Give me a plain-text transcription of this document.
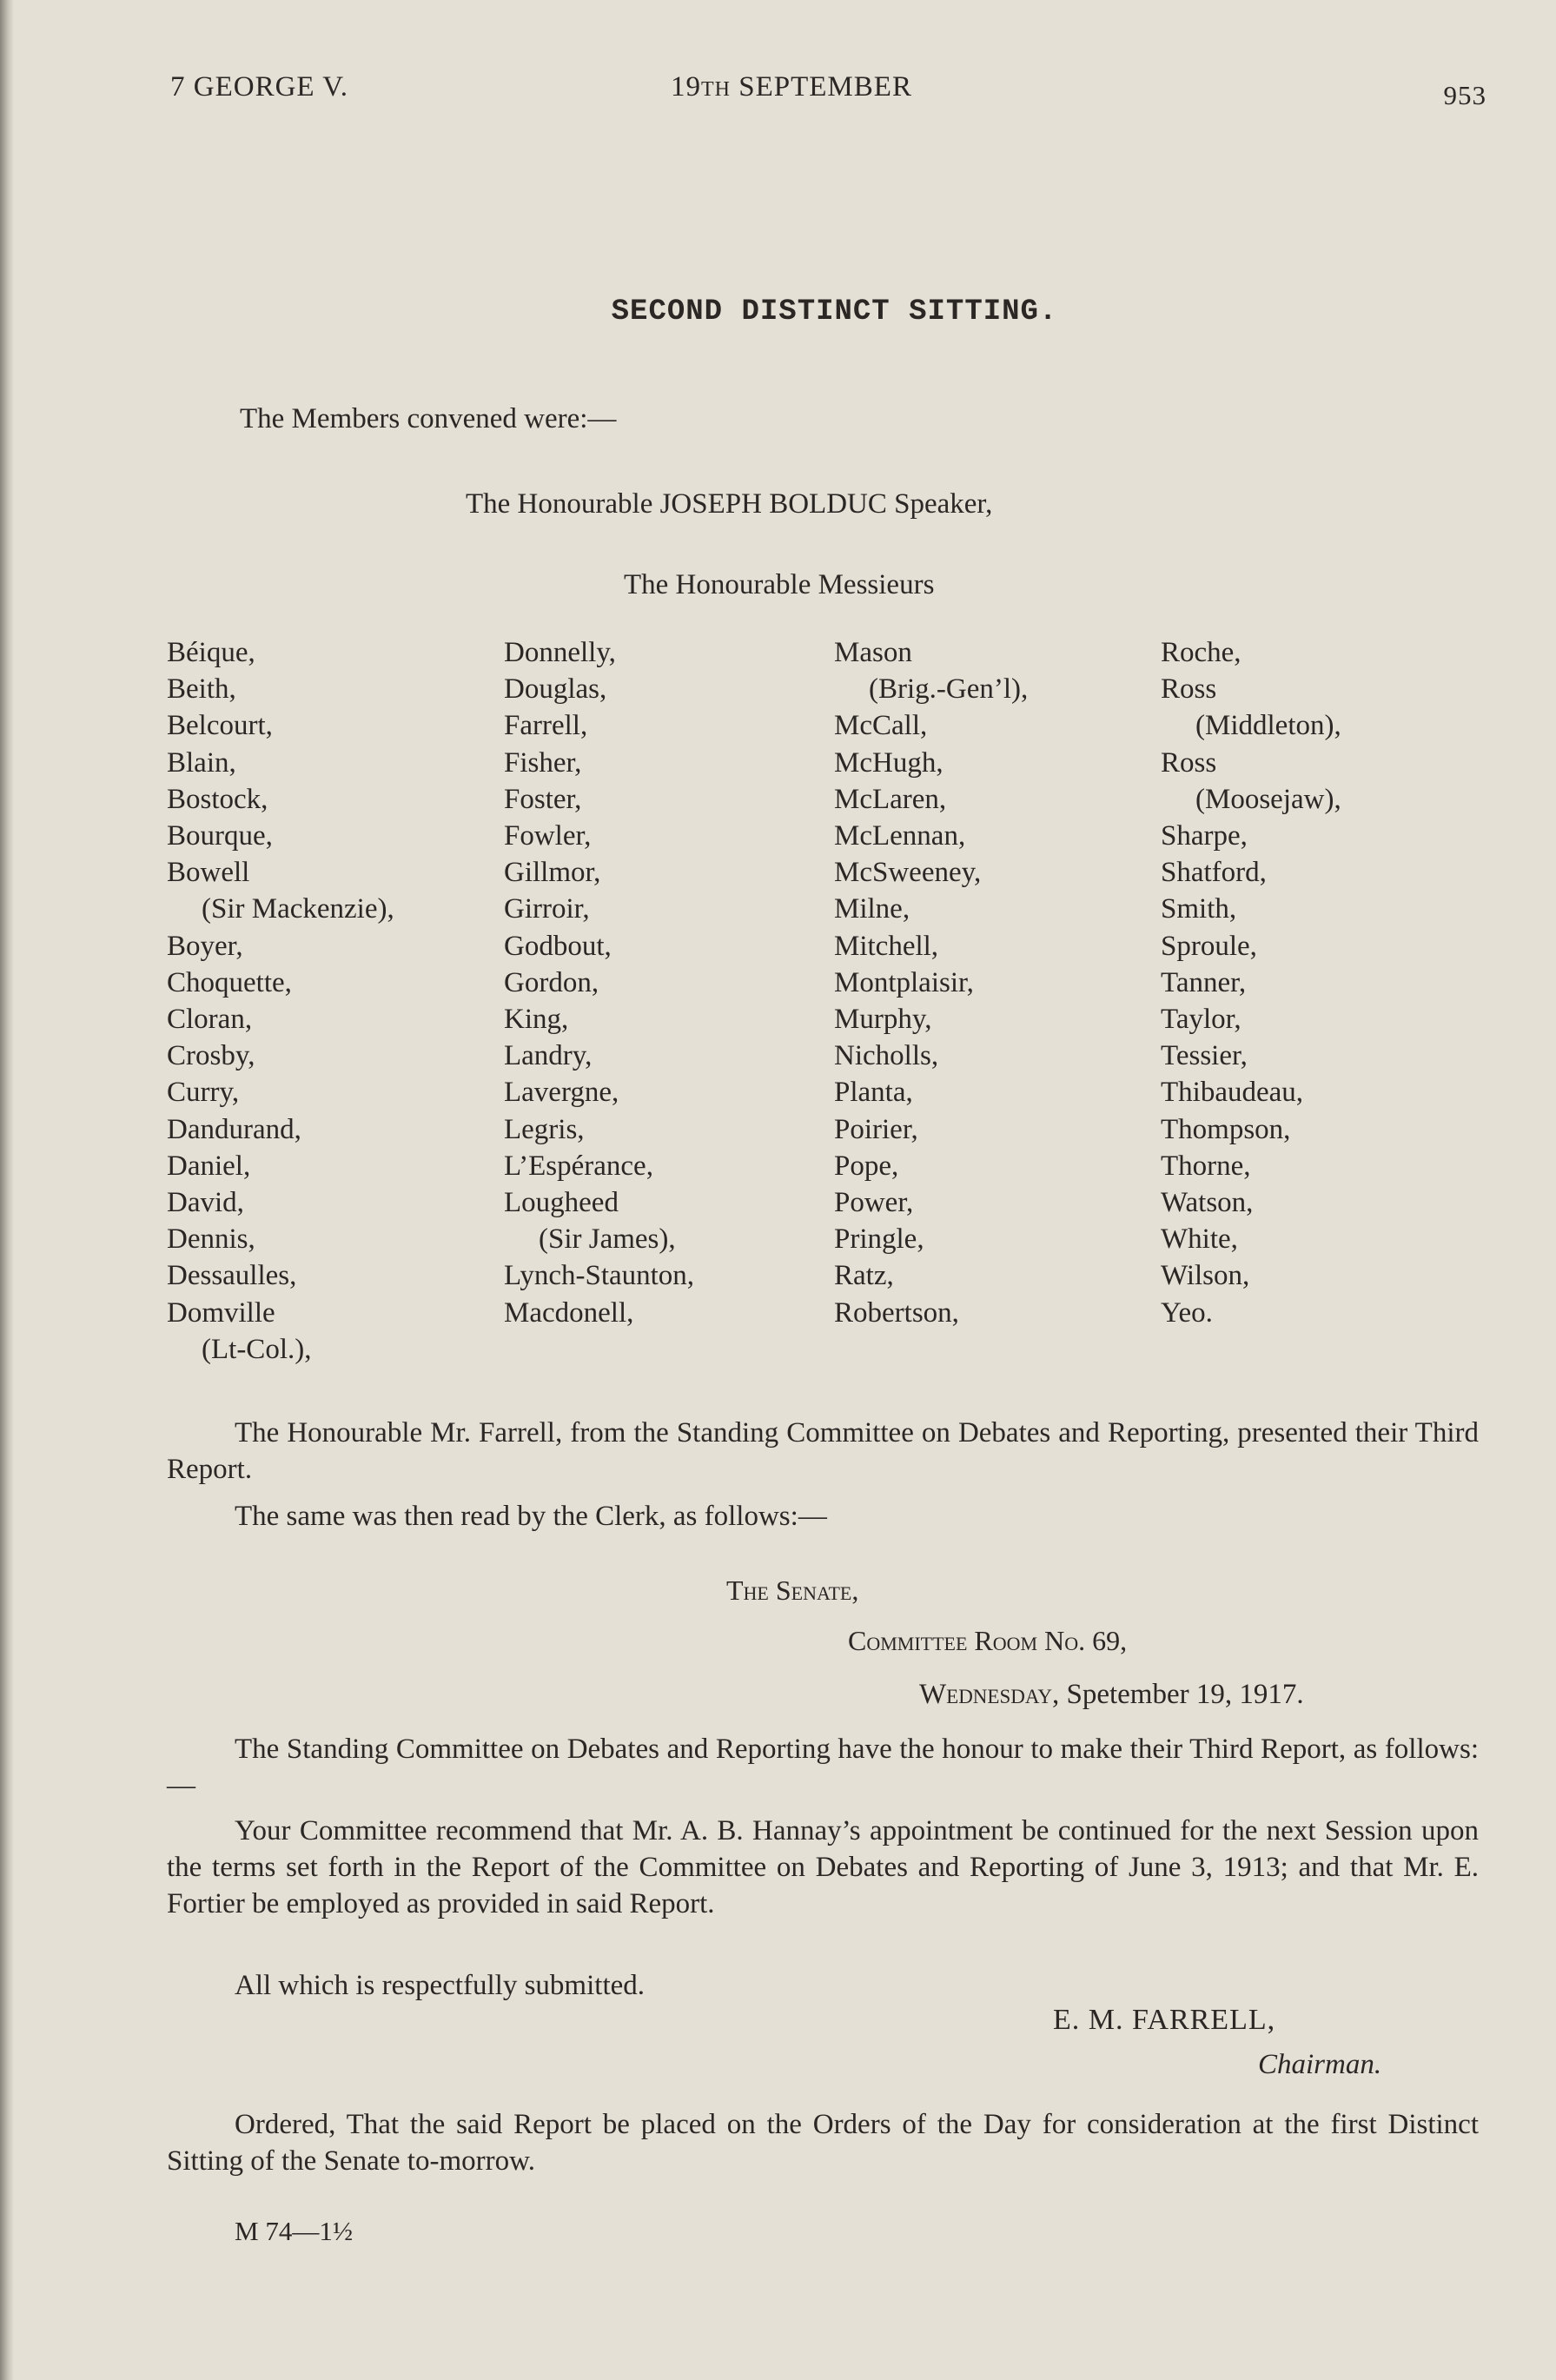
7 GEORGE V.	19TH SEPTEMBER	953
SECOND DISTINCT SITTING.
The Members convened were:—
The Honourable JOSEPH BOLDUC Speaker,
The Honourable Messieurs
Béique,
Beith,
Belcourt,
Blain,
Bostock,
Bourque,
Bowell
(Sir Mackenzie),
Boyer,
Choquette,
Cloran,
Crosby,
Curry,
Dandurand,
Daniel,
David,
Dennis,
Dessaulles,
Domville
(Lt-Col.),
Donnelly,
Douglas,
Farrell,
Fisher,
Foster,
Fowler,
Gillmor,
Girroir,
Godbout,
Gordon,
King,
Landry,
Lavergne,
Legris,
L’Espérance,
Lougheed
(Sir James),
Lynch-Staunton,
Macdonell,
Mason
(Brig.-Gen’l),
McCall,
McHugh,
McLaren,
McLennan,
McSweeney,
Milne,
Mitchell,
Montplaisir,
Murphy,
Nicholls,
Planta,
Poirier,
Pope,
Power,
Pringle,
Ratz,
Robertson,
Roche,
Ross
(Middleton),
Ross
(Moosejaw),
Sharpe,
Shatford,
Smith,
Sproule,
Tanner,
Taylor,
Tessier,
Thibaudeau,
Thompson,
Thorne,
Watson,
White,
Wilson,
Yeo.
The Honourable Mr. Farrell, from the Standing Committee on Debates and Reporting, presented their Third Report.
The same was then read by the Clerk, as follows:—
The Senate,
Committee Room No. 69,
Wednesday, Spetember 19, 1917.
The Standing Committee on Debates and Reporting have the honour to make their Third Report, as follows:—
Your Committee recommend that Mr. A. B. Hannay’s appointment be continued for the next Session upon the terms set forth in the Report of the Committee on Debates and Reporting of June 3, 1913; and that Mr. E. Fortier be employed as provided in said Report.
All which is respectfully submitted.
E. M. FARRELL,
Chairman.
Ordered, That the said Report be placed on the Orders of the Day for consideration at the first Distinct Sitting of the Senate to-morrow.
M 74—1½
